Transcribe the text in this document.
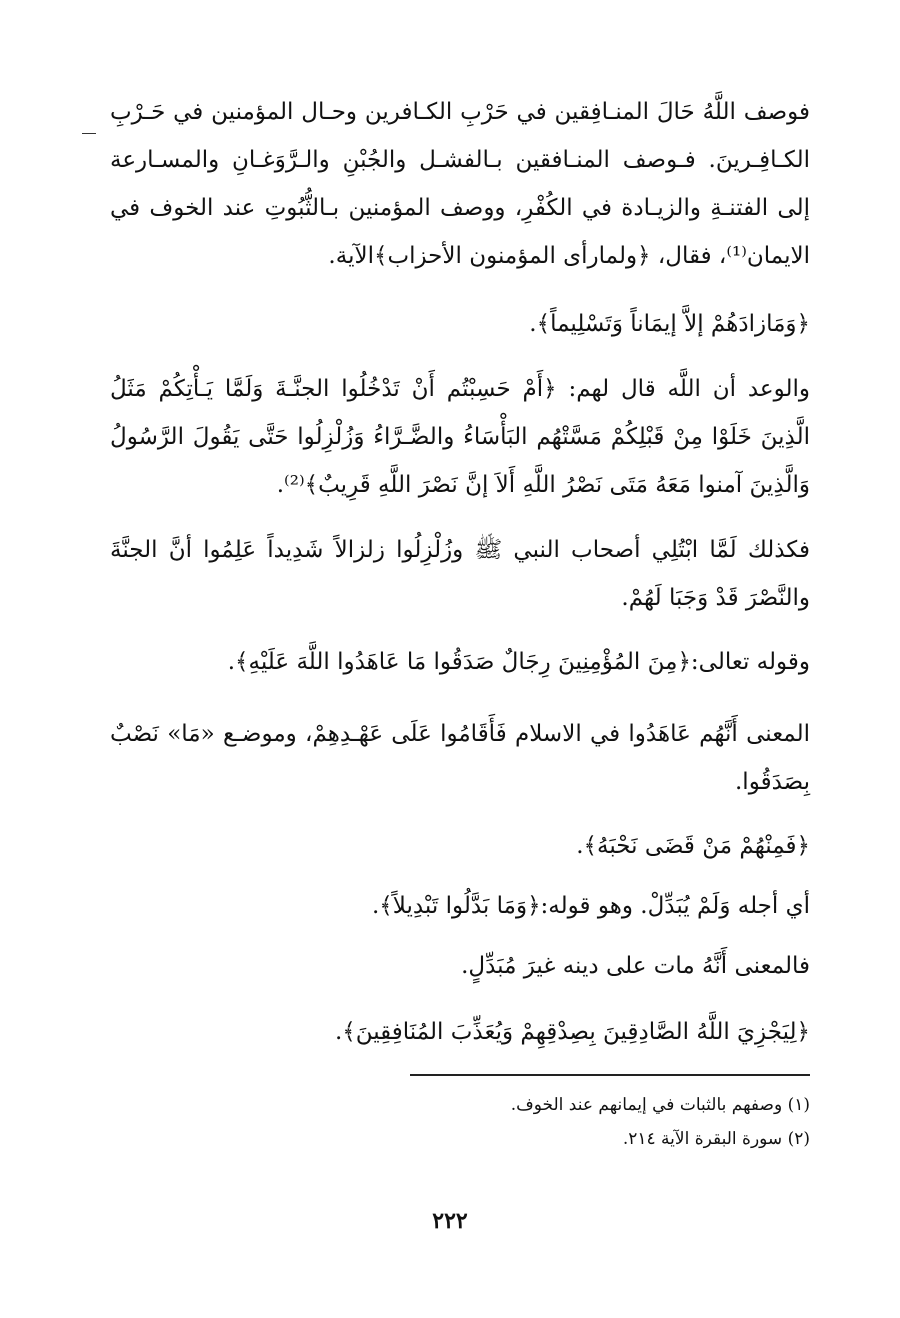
فوصف اللَّهُ حَالَ المنـافِقين في حَرْبِ الكـافرين وحـال المؤمنين في حَـرْبِ الكـافِـرينَ. فـوصف المنـافقين بـالفشـل والجُبْنِ والـرَّوَغـانِ والمسـارعة إلى الفتنـةِ والزيـادة في الكُفْرِ، ووصف المؤمنين بـالثُّبُوتِ عند الخوف في الايمان⁽¹⁾، فقال، ﴿ولمارأى المؤمنون الأحزاب﴾الآية.

﴿وَمَازادَهُمْ إلاَّ إيمَاناً وَتَسْلِيماً﴾.

والوعد أن اللَّه قال لهم: ﴿أَمْ حَسِبْتُم أَنْ تَدْخُلُوا الجنَّـةَ وَلَمَّا يَـأْتِكُمْ مَثَلُ الَّذِينَ خَلَوْا مِنْ قَبْلِكُمْ مَسَّتْهُم البَأْسَاءُ والضَّـرَّاءُ وَزُلْزِلُوا حَتَّى يَقُولَ الرَّسُولُ وَالَّذِينَ آمنوا مَعَهُ مَتَى نَصْرُ اللَّهِ أَلاَ إنَّ نَصْرَ اللَّهِ قَرِيبٌ﴾⁽²⁾.

فكذلك لَمَّا ابْتُلِي أصحاب النبي ﷺ وزُلْزِلُوا زلزالاً شَدِيداً عَلِمُوا أنَّ الجنَّةَ والنَّصْرَ قَدْ وَجَبَا لَهُمْ.

وقوله تعالى:﴿مِنَ المُؤْمِنِينَ رِجَالٌ صَدَقُوا مَا عَاهَدُوا اللَّهَ عَلَيْهِ﴾.

المعنى أَنَّهُم عَاهَدُوا في الاسلام فَأَقَامُوا عَلَى عَهْـدِهِمْ، وموضـع «مَا» نَصْبٌ بِصَدَقُوا.

﴿فَمِنْهُمْ مَنْ قَضَى نَحْبَهُ﴾.

أي أجله وَلَمْ يُبَدِّلْ. وهو قوله:﴿وَمَا بَدَّلُوا تَبْدِيلاً﴾.

فالمعنى أَنَّهُ مات على دينه غيرَ مُبَدِّلٍ.

﴿لِيَجْزِيَ اللَّهُ الصَّادِقِينَ بِصِدْقِهِمْ وَيُعَذِّبَ المُنَافِقِينَ﴾.

(١) وصفهم بالثبات في إيمانهم عند الخوف.

(٢) سورة البقرة الآية ٢١٤.

٢٢٢
